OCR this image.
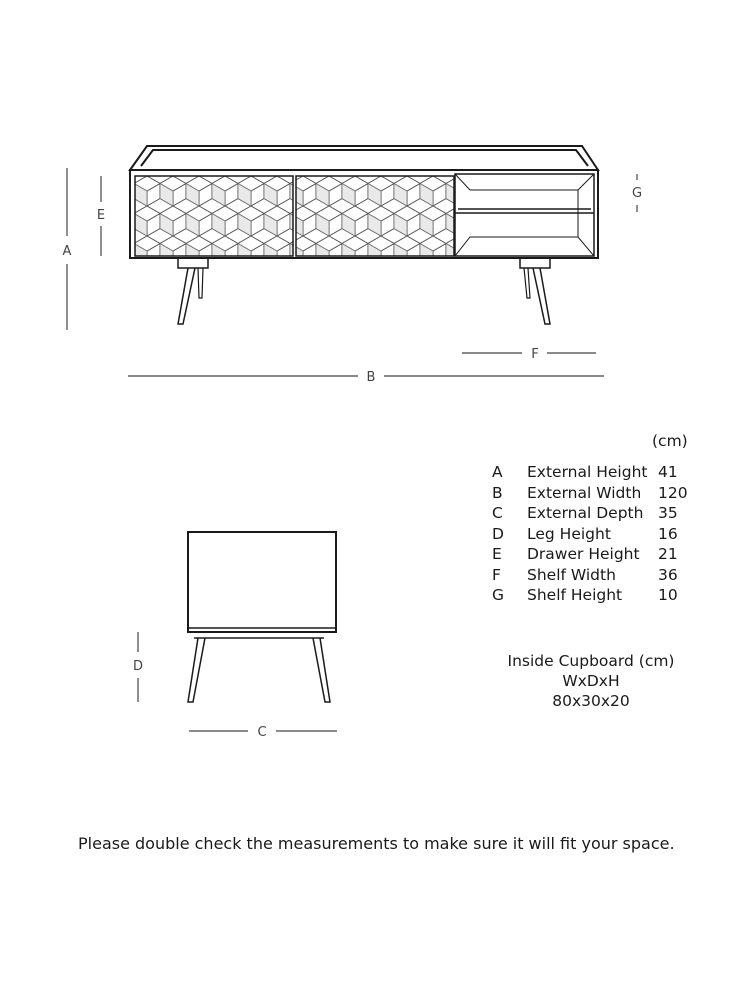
A
E
G
F
B
D
C
(cm)
A	External Height	41
B	External Width	120
C	External Depth	35
D	Leg Height	16
E	Drawer Height	21
F	Shelf Width	36
G	Shelf Height	10
Inside Cupboard (cm)
WxDxH
80x30x20
Please double check the measurements to make sure it will fit your space.
